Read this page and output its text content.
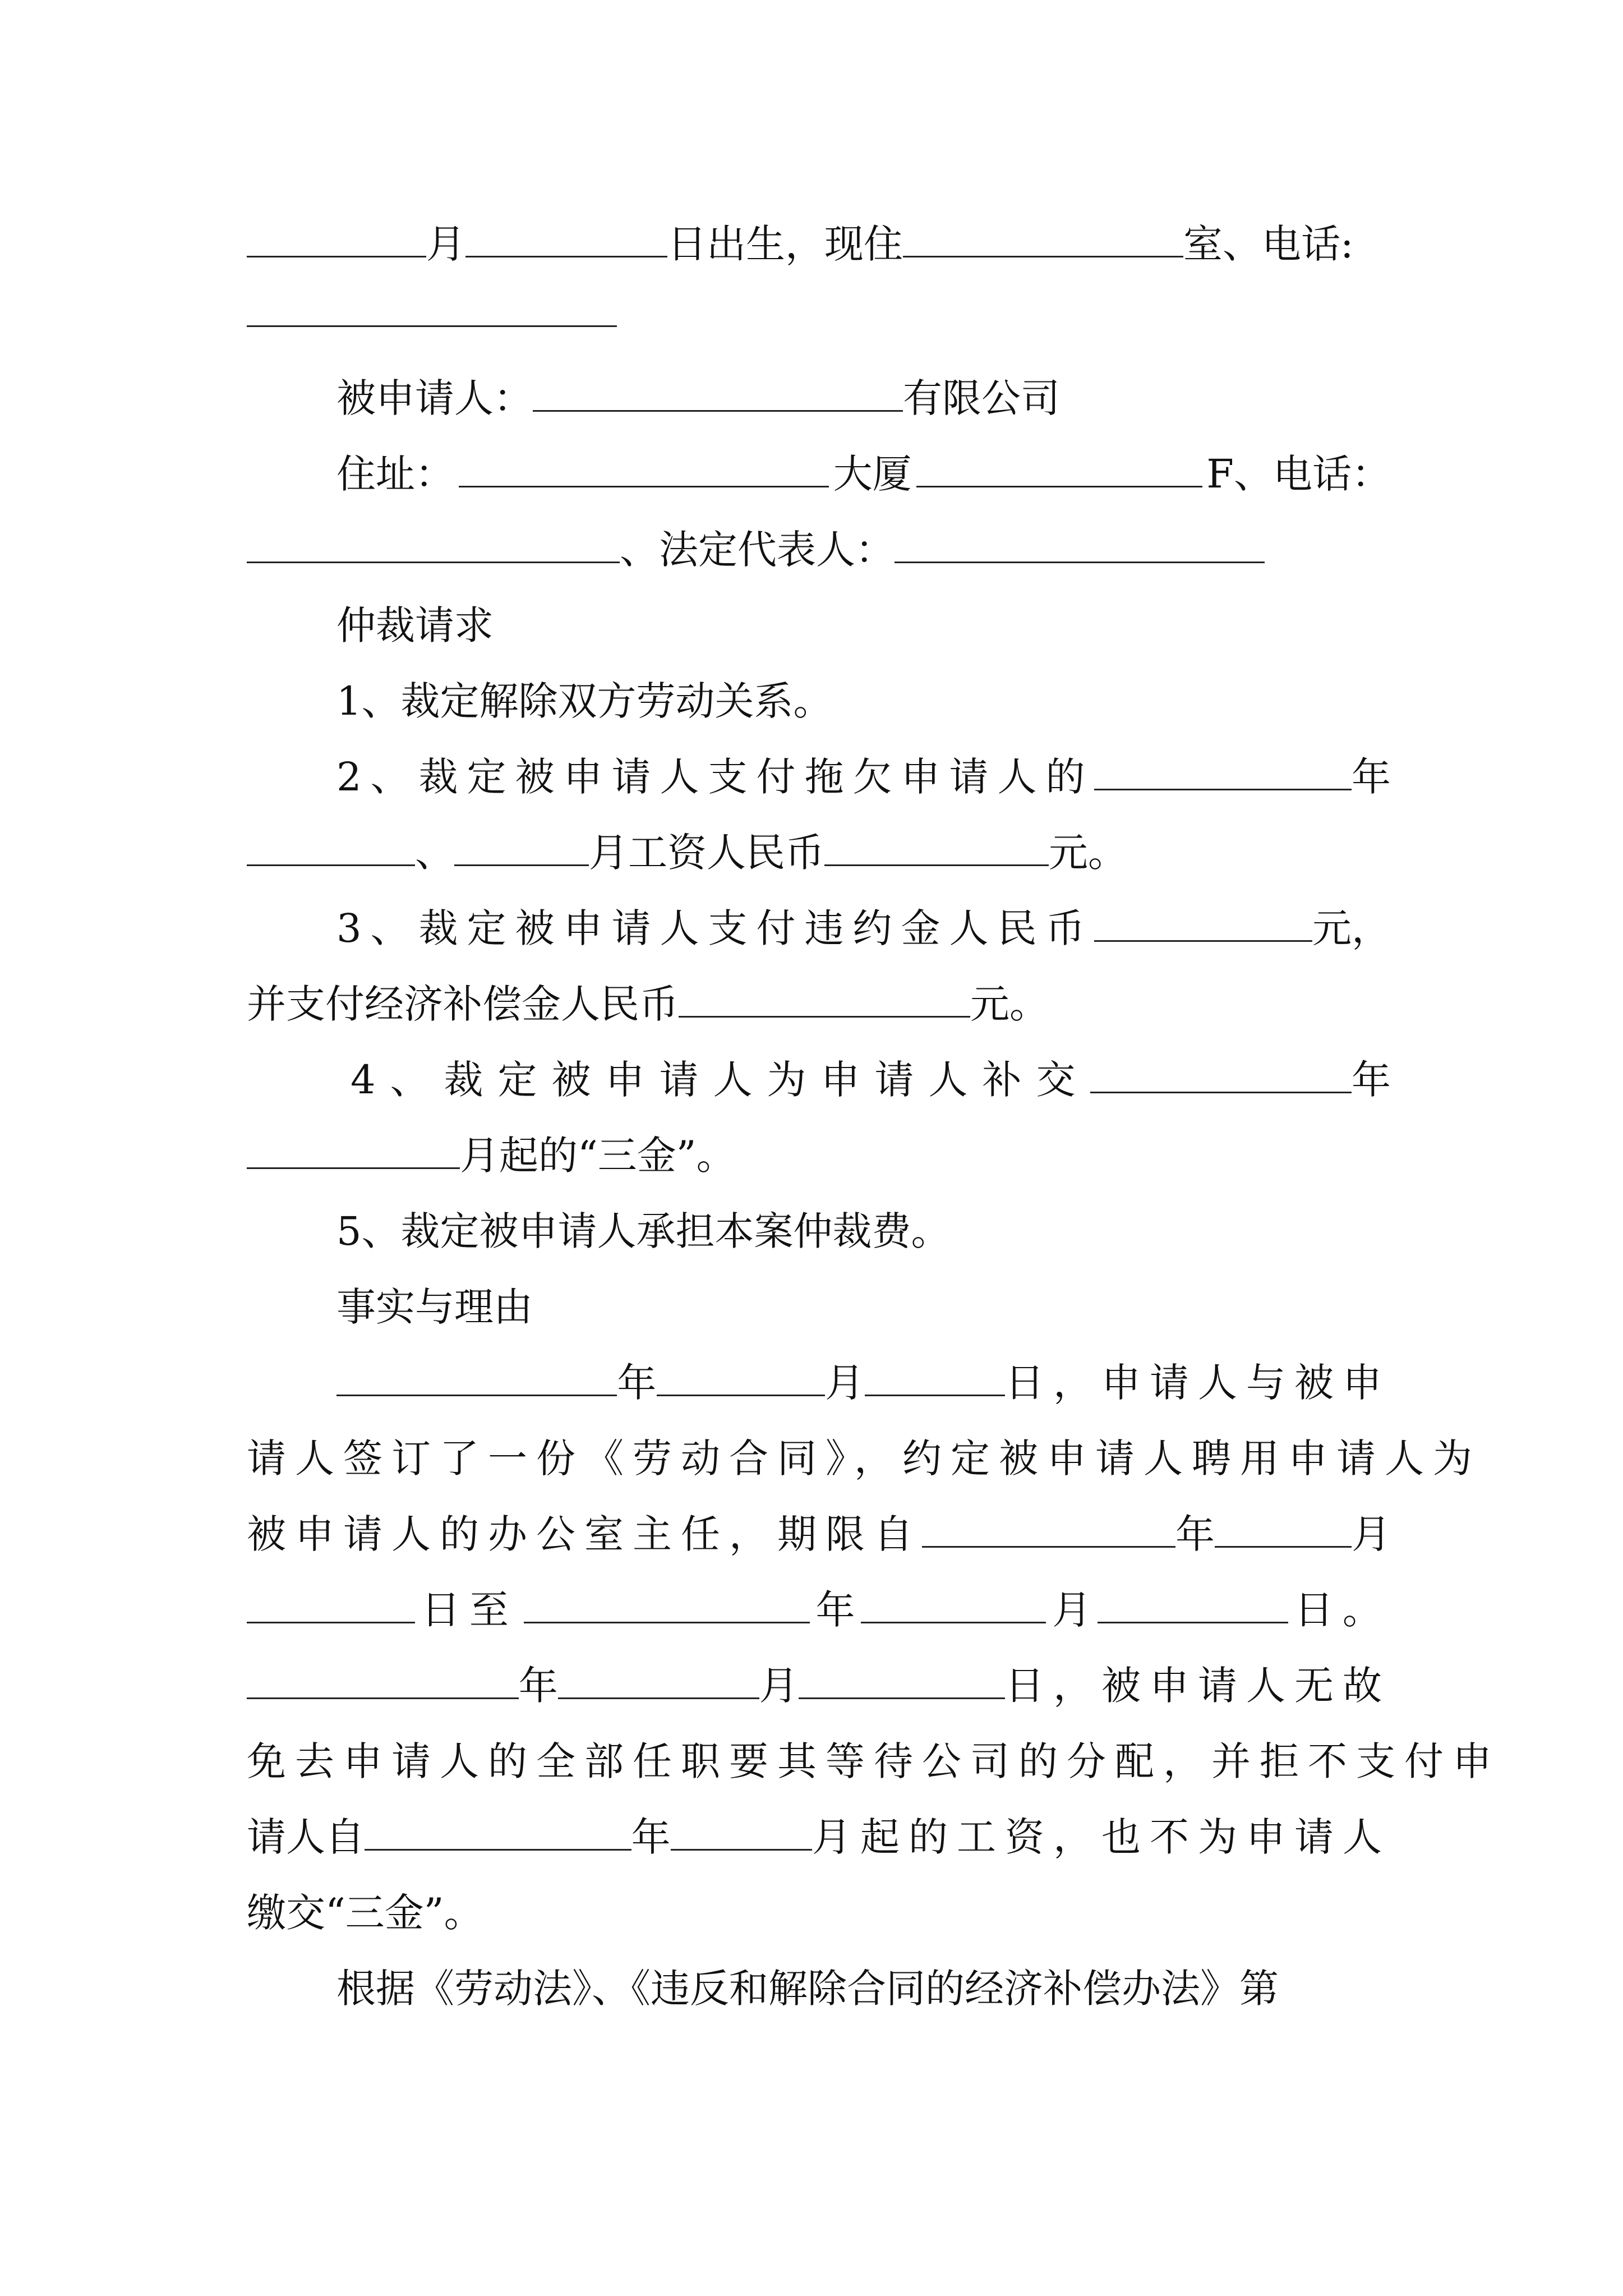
月	日出生，现住	室、电话:
被申请人：	有限公司
住址：	大厦	F、电话：
、法定代表人：
仲裁请求
1、裁定解除双方劳动关系。
2、裁定被申请人支付拖欠申请人的	年
、	月工资人民币	元。
3、裁定被申请人支付违约金人民币	元，
并支付经济补偿金人民币	元。
4、裁定被申请人为申请人补交	年
月起的“三金”。
5、裁定被申请人承担本案仲裁费。
事实与理由
年	月	日，申请人与被申
请人签订了一份《劳动合同》，约定被申请人聘用申请人为
被申请人的办公室主任，期限自	年	月
日至	年	月	日。
年	月	日，被申请人无故
免去申请人的全部任职要其等待公司的分配，并拒不支付申
请人自	年	月起的工资，也不为申请人
缴交“三金”。
根据《劳动法》、《违反和解除合同的经济补偿办法》第
